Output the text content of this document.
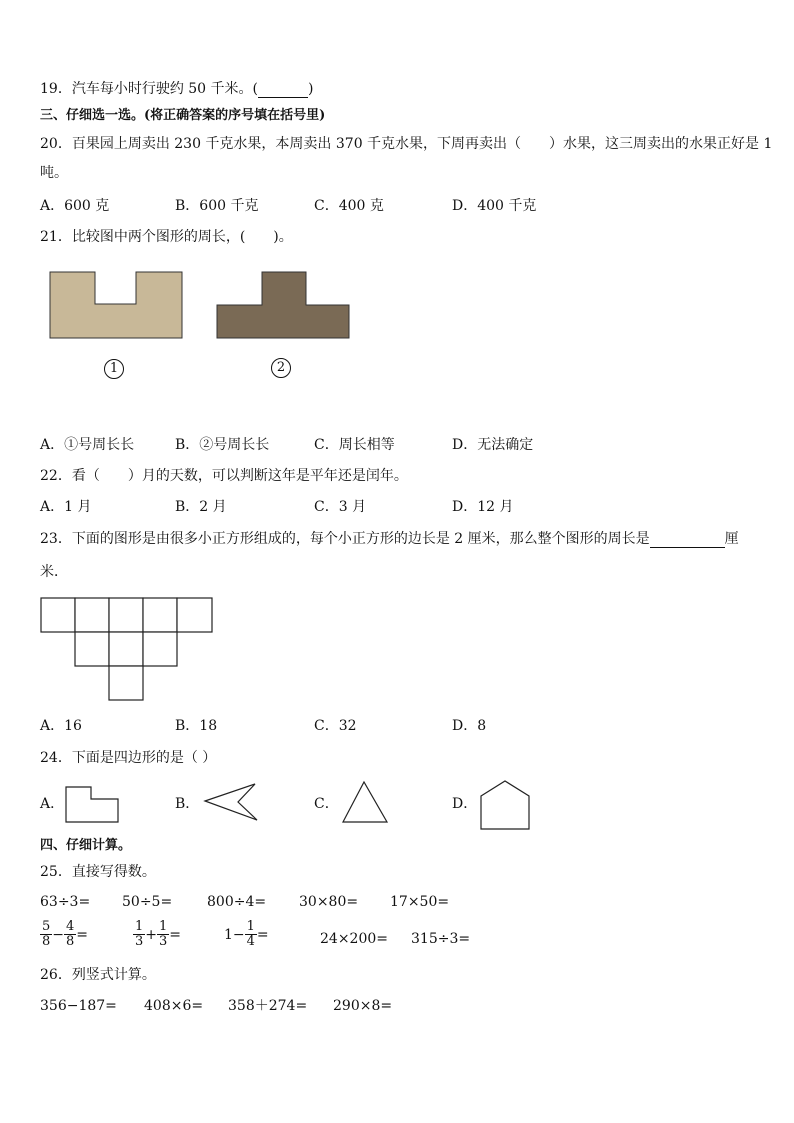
19．汽车每小时行驶约 50 千米。(	)
三、仔细选一选。(将正确答案的序号填在括号里)
20．百果园上周卖出 230 千克水果，本周卖出 370 千克水果，下周再卖出（　　）水果，这三周卖出的水果正好是 1
吨。
A．600 克	B．600 千克	C．400 克	D．400 千克
21．比较图中两个图形的周长，(　　)。
1	2
A．①号周长长	B．②号周长长	C．周长相等	D．无法确定
22．看（　　）月的天数，可以判断这年是平年还是闰年。
A．1 月	B．2 月	C．3 月	D．12 月
23．下面的图形是由很多小正方形组成的，每个小正方形的边长是 2 厘米，那么整个图形的周长是	厘
米．
A．16	B．18	C．32	D．8
24．下面是四边形的是（ ）
A．	B．	C．	D．
四、仔细计算。
25．直接写得数。
63÷3= 50÷5= 800÷4= 30×80= 17×50=
$\frac{5}{8} - \frac{4}{8}$ =	$\frac{1}{3} + \frac{1}{3}$ =	$1- \frac{1}{4}$ =	24×200= 315÷3=
26．列竖式计算。
356−187= 408×6= 358＋274= 290×8=
